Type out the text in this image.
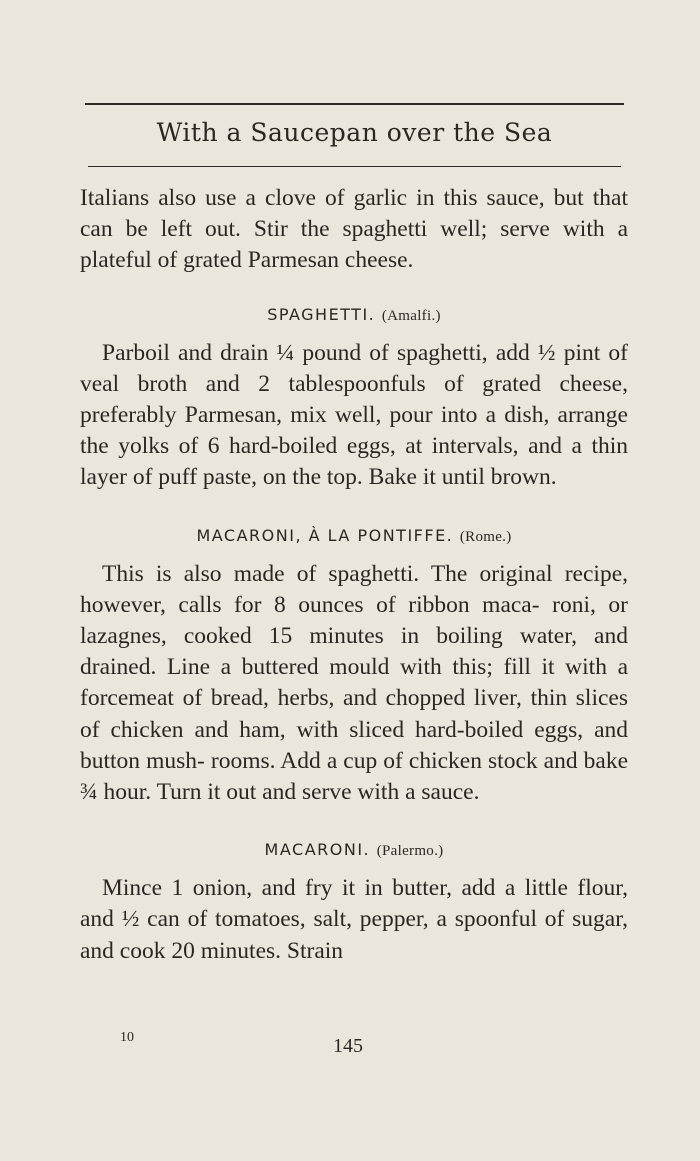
With a Saucepan over the Sea

Italians also use a clove of garlic in this sauce, but that can be left out. Stir the spaghetti well; serve with a plateful of grated Parmesan cheese.

SPAGHETTI. (Amalfi.)

Parboil and drain ¼ pound of spaghetti, add ½ pint of veal broth and 2 tablespoonfuls of grated cheese, preferably Parmesan, mix well, pour into a dish, arrange the yolks of 6 hard-boiled eggs, at intervals, and a thin layer of puff paste, on the top. Bake it until brown.

MACARONI, À LA PONTIFFE. (Rome.)

This is also made of spaghetti. The original recipe, however, calls for 8 ounces of ribbon maca- roni, or lazagnes, cooked 15 minutes in boiling water, and drained. Line a buttered mould with this; fill it with a forcemeat of bread, herbs, and chopped liver, thin slices of chicken and ham, with sliced hard-boiled eggs, and button mush- rooms. Add a cup of chicken stock and bake ¾ hour. Turn it out and serve with a sauce.

MACARONI. (Palermo.)

Mince 1 onion, and fry it in butter, add a little flour, and ½ can of tomatoes, salt, pepper, a spoonful of sugar, and cook 20 minutes. Strain

10	145
